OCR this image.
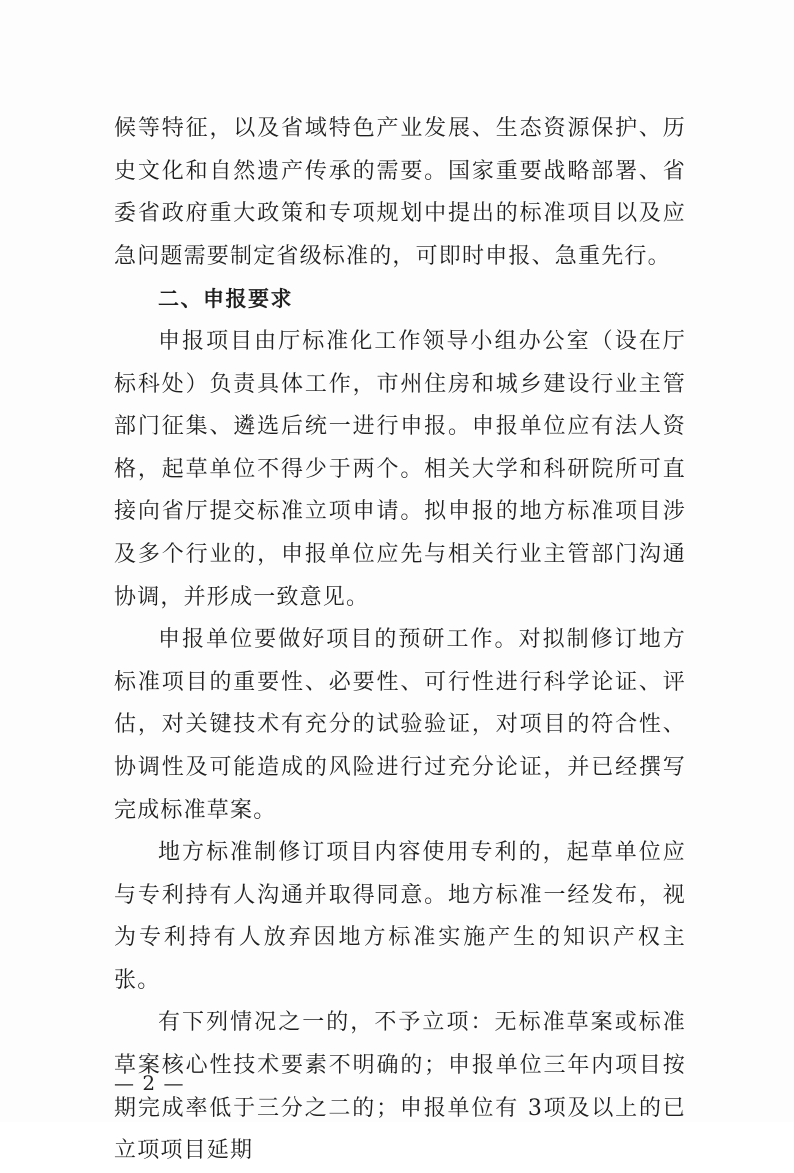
候等特征，以及省域特色产业发展、生态资源保护、历史文化和自然遗产传承的需要。国家重要战略部署、省委省政府重大政策和专项规划中提出的标准项目以及应急问题需要制定省级标准的，可即时申报、急重先行。

二、申报要求

申报项目由厅标准化工作领导小组办公室（设在厅标科处）负责具体工作，市州住房和城乡建设行业主管部门征集、遴选后统一进行申报。申报单位应有法人资格，起草单位不得少于两个。相关大学和科研院所可直接向省厅提交标准立项申请。拟申报的地方标准项目涉及多个行业的，申报单位应先与相关行业主管部门沟通协调，并形成一致意见。

申报单位要做好项目的预研工作。对拟制修订地方标准项目的重要性、必要性、可行性进行科学论证、评估，对关键技术有充分的试验验证，对项目的符合性、协调性及可能造成的风险进行过充分论证，并已经撰写完成标准草案。

地方标准制修订项目内容使用专利的，起草单位应与专利持有人沟通并取得同意。地方标准一经发布，视为专利持有人放弃因地方标准实施产生的知识产权主张。

有下列情况之一的，不予立项：无标准草案或标准草案核心性技术要素不明确的；申报单位三年内项目按期完成率低于三分之二的；申报单位有 3项及以上的已立项项目延期

— 2 —
